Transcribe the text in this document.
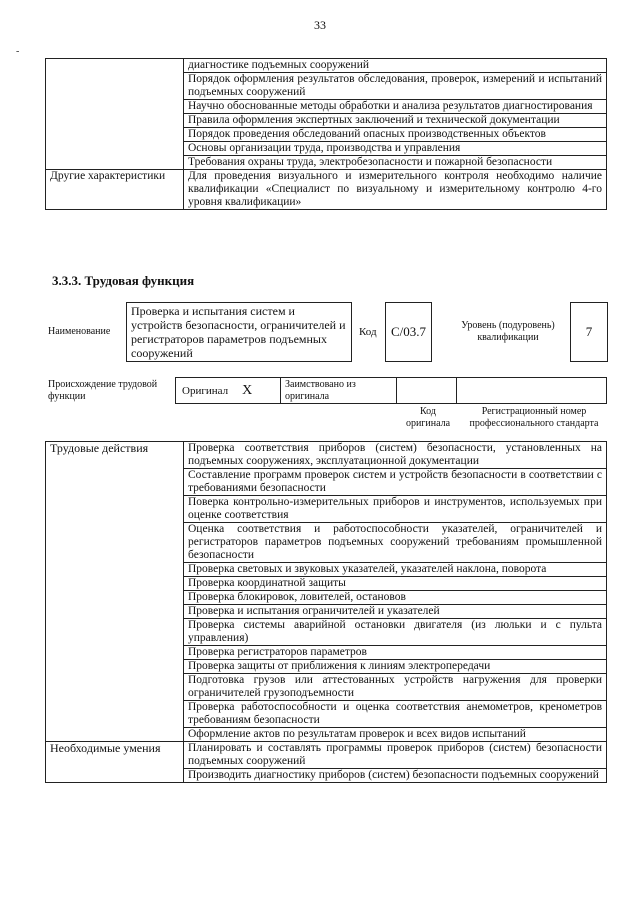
33
-
	диагностике подъемных сооружений
	Порядок оформления результатов обследования, проверок, измерений и испытаний подъемных сооружений
	Научно обоснованные методы обработки и анализа результатов диагностирования
	Правила оформления экспертных заключений и технической документации
	Порядок проведения обследований опасных производственных объектов
	Основы организации труда, производства и управления
	Требования охраны труда, электробезопасности и пожарной безопасности
Другие характеристики	Для проведения визуального и измерительного контроля необходимо наличие квалификации «Специалист по визуальному и измерительному контролю 4-го уровня квалификации»
3.3.3. Трудовая функция
Наименование
Проверка и испытания систем и устройств безопасности, ограничителей и регистраторов параметров подъемных сооружений
Код	С/03.7	Уровень (подуровень) квалификации	7
Происхождение трудовой функции	Оригинал X	Заимствовано из оригинала
Код оригинала
Регистрационный номер профессионального стандарта
Трудовые действия	Проверка соответствия приборов (систем) безопасности, установленных на подъемных сооружениях, эксплуатационной документации
	Составление программ проверок систем и устройств безопасности в соответствии с требованиями безопасности
	Поверка контрольно-измерительных приборов и инструментов, используемых при оценке соответствия
	Оценка соответствия и работоспособности указателей, ограничителей и регистраторов параметров подъемных сооружений требованиям промышленной безопасности
	Проверка световых и звуковых указателей, указателей наклона, поворота
	Проверка координатной защиты
	Проверка блокировок, ловителей, остановов
	Проверка и испытания ограничителей и указателей
	Проверка системы аварийной остановки двигателя (из люльки и с пульта управления)
	Проверка регистраторов параметров
	Проверка защиты от приближения к линиям электропередачи
	Подготовка грузов или аттестованных устройств нагружения для проверки ограничителей грузоподъемности
	Проверка работоспособности и оценка соответствия анемометров, кренометров требованиям безопасности
	Оформление актов по результатам проверок и всех видов испытаний
Необходимые умения	Планировать и составлять программы проверок приборов (систем) безопасности подъемных сооружений
	Производить диагностику приборов (систем) безопасности подъемных сооружений
